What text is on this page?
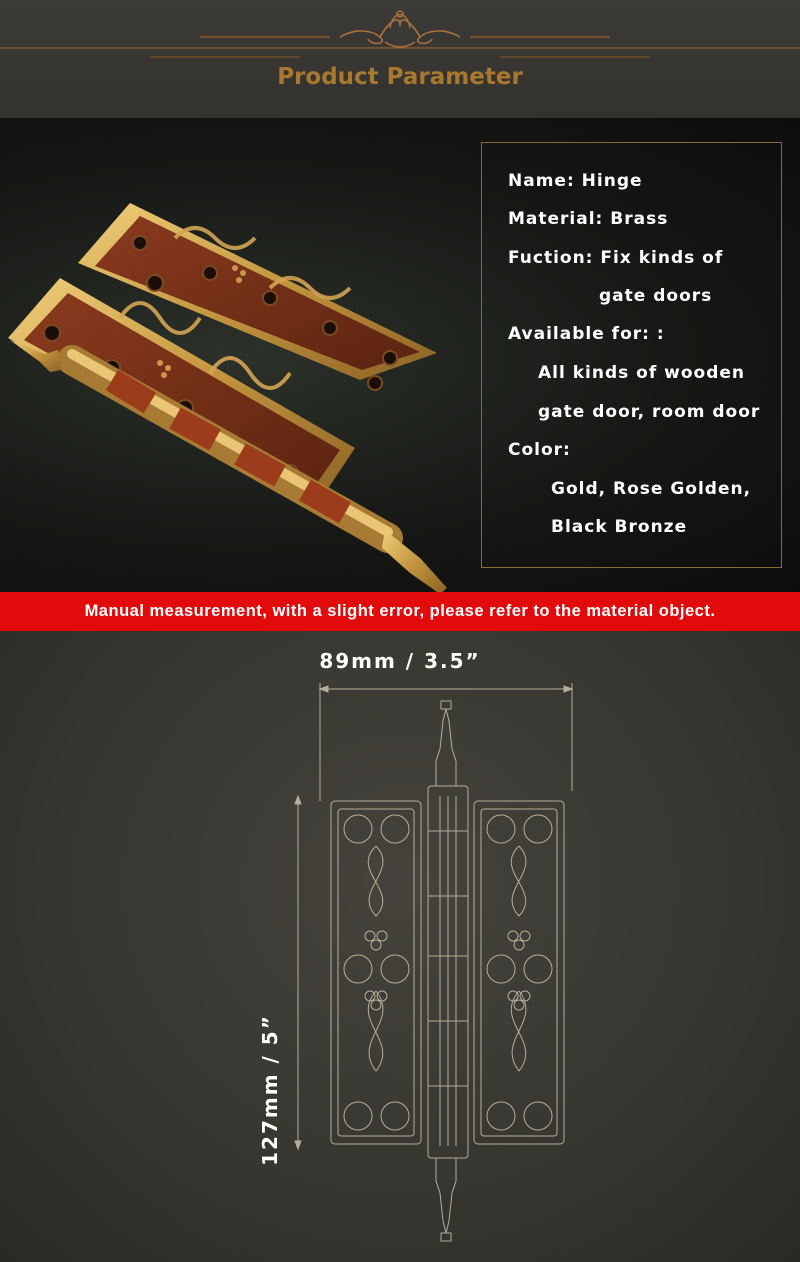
Product Parameter
Name: Hinge
Material: Brass
Fuction: Fix kinds of
gate doors
Available for: :
All kinds of wooden
gate door, room door
Color:
Gold, Rose Golden,
Black Bronze
Manual measurement, with a slight error, please refer to the material object.
89mm / 3.5”
127mm / 5”
